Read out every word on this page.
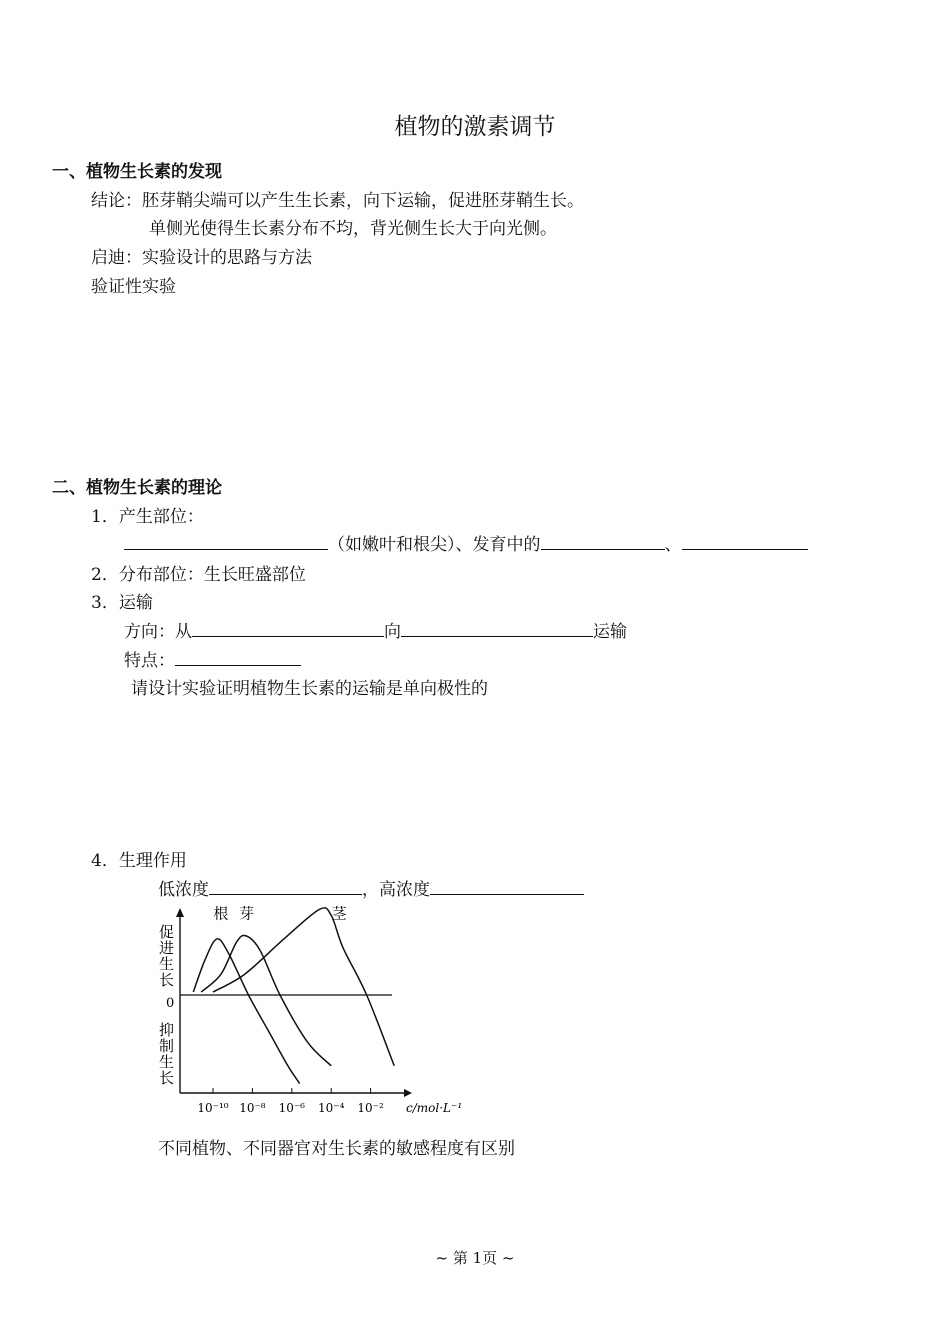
植物的激素调节
一、植物生长素的发现
结论：胚芽鞘尖端可以产生生长素，向下运输，促进胚芽鞘生长。
单侧光使得生长素分布不均，背光侧生长大于向光侧。
启迪：实验设计的思路与方法
验证性实验
二、植物生长素的理论
1．产生部位：
（如嫩叶和根尖）、发育中的	、
2．分布部位：生长旺盛部位
3．运输
方向：从	向	运输
特点：
请设计实验证明植物生长素的运输是单向极性的
4．生理作用
低浓度	，高浓度
0
促进生长
抑制生长
10⁻¹⁰ 10⁻⁸ 10⁻⁶ 10⁻⁴ 10⁻² c/mol·L⁻¹
根 芽	茎
不同植物、不同器官对生长素的敏感程度有区别
~ 第 1页 ~
